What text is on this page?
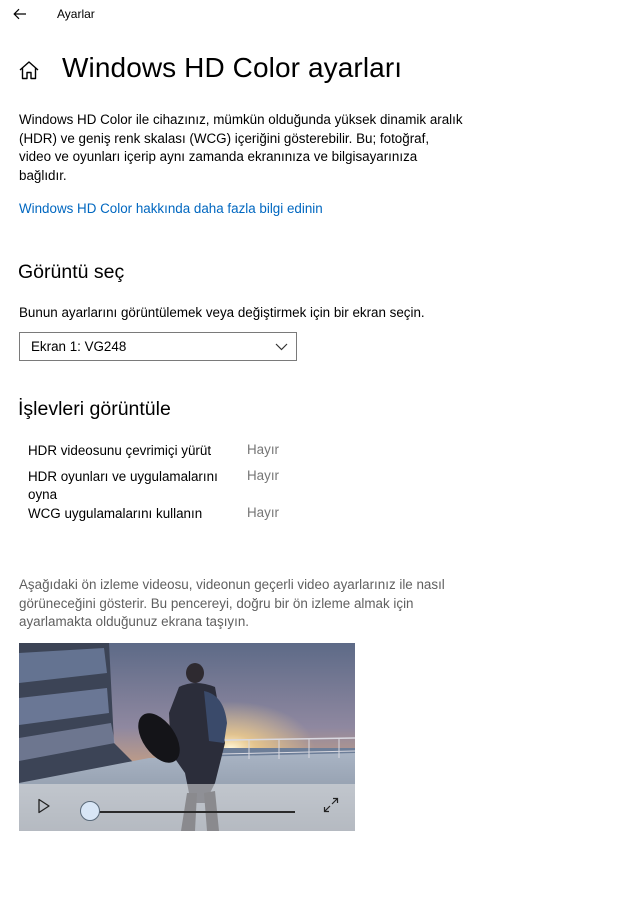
Ayarlar
Windows HD Color ayarları
Windows HD Color ile cihazınız, mümkün olduğunda yüksek dinamik aralık (HDR) ve geniş renk skalası (WCG) içeriğini gösterebilir. Bu; fotoğraf, video ve oyunları içerip aynı zamanda ekranınıza ve bilgisayarınıza bağlıdır.
Windows HD Color hakkında daha fazla bilgi edinin
Görüntü seç
Bunun ayarlarını görüntülemek veya değiştirmek için bir ekran seçin.
Ekran 1: VG248
İşlevleri görüntüle
HDR videosunu çevrimiçi yürüt	Hayır
HDR oyunları ve uygulamalarını oyna
Hayır
WCG uygulamalarını kullanın	Hayır
Aşağıdaki ön izleme videosu, videonun geçerli video ayarlarınız ile nasıl görüneceğini gösterir. Bu pencereyi, doğru bir ön izleme almak için ayarlamakta olduğunuz ekrana taşıyın.
